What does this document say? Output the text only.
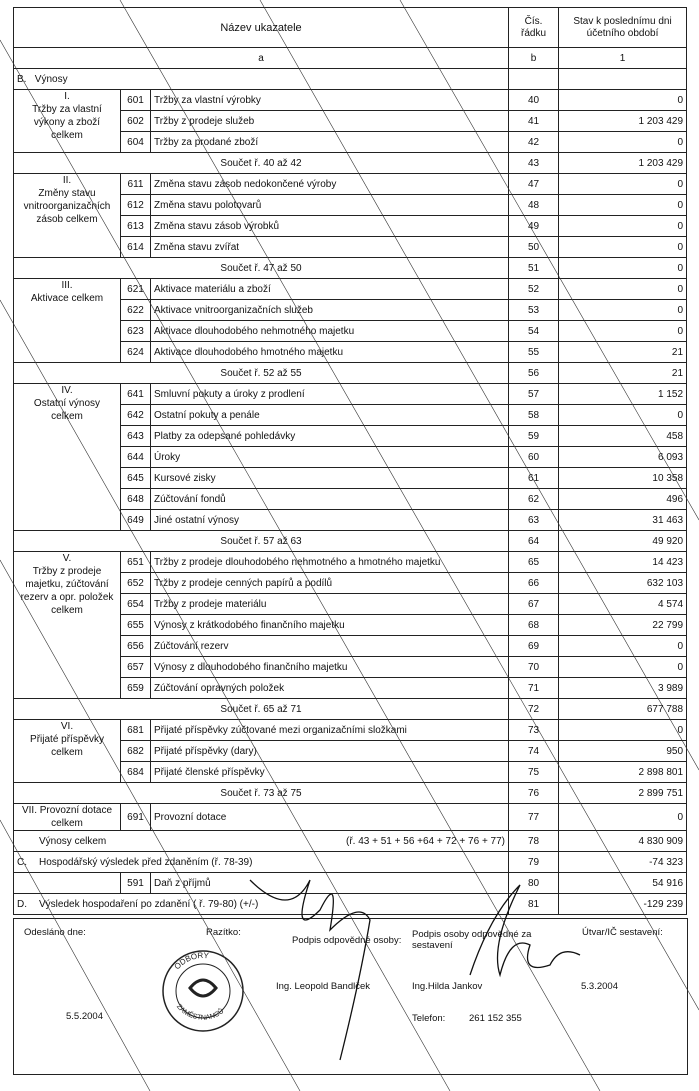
Název ukazatele			Čís. řádku	Stav k poslednímu dni
účetního období
a			b	1
B. Výnosy				
I.
Tržby za vlastní výkony a zboží celkem	601	Tržby za vlastní výrobky	40	0
	602	Tržby z prodeje služeb	41	1 203 429
	604	Tržby za prodané zboží	42	0
Součet ř. 40 až 42			43	1 203 429
II.
Změny stavu vnitroorganizačních zásob celkem	611	Změna stavu zásob nedokončené výroby	47	0
	612	Změna stavu polotovarů	48	0
	613	Změna stavu zásob výrobků	49	0
	614	Změna stavu zvířat	50	0
Součet ř. 47 až 50			51	0
III.
Aktivace celkem	621	Aktivace materiálu a zboží	52	0
	622	Aktivace vnitroorganizačních služeb	53	0
	623	Aktivace dlouhodobého nehmotného majetku	54	0
	624	Aktivace dlouhodobého hmotného majetku	55	21
Součet ř. 52 až 55			56	21
IV.
Ostatní výnosy celkem	641	Smluvní pokuty a úroky z prodlení	57	1 152
	642	Ostatní pokuty a penále	58	0
	643	Platby za odepsané pohledávky	59	458
	644	Úroky	60	6 093
	645	Kursové zisky	61	10 358
	648	Zúčtování fondů	62	496
	649	Jiné ostatní výnosy	63	31 463
Součet ř. 57 až 63			64	49 920
V.
Tržby z prodeje majetku, zúčtování rezerv a opr. položek celkem	651	Tržby z prodeje dlouhodobého nehmotného a hmotného majetku	65	14 423
	652	Tržby z prodeje cenných papírů a podílů	66	632 103
	654	Tržby z prodeje materiálu	67	4 574
	655	Výnosy z krátkodobého finančního majetku	68	22 799
	656	Zúčtování rezerv	69	0
	657	Výnosy z dlouhodobého finančního majetku	70	0
	659	Zúčtování opravných položek	71	3 989
Součet ř. 65 až 71			72	677 788
VI.
Přijaté příspěvky celkem	681	Přijaté příspěvky zúčtované mezi organizačními složkami	73	0
	682	Přijaté příspěvky (dary)	74	950
	684	Přijaté členské příspěvky	75	2 898 801
Součet ř. 73 až 75			76	2 899 751
VII. Provozní dotace celkem	691	Provozní dotace	77	0
Výnosy celkem (ř. 43 + 51 + 56 +64 + 72 + 76 + 77)			78	4 830 909
C. Hospodářský výsledek před zdaněním (ř. 78-39)			79	-74 323
	591	Daň z příjmů	80	54 916
D. Výsledek hospodaření po zdanění ( ř. 79-80) (+/-)			81	-129 239
Odesláno dne:
5.5.2004
Razítko:
Podpis odpovědné osoby:
Ing. Leopold Bandlček
Podpis osoby odpovědné za
sestavení
Ing.Hilda Jankov	5.3.2004
Telefon: 261 152 355
Útvar/IČ sestavení:
ODBORY
ZAMĚSTNANCŮ
